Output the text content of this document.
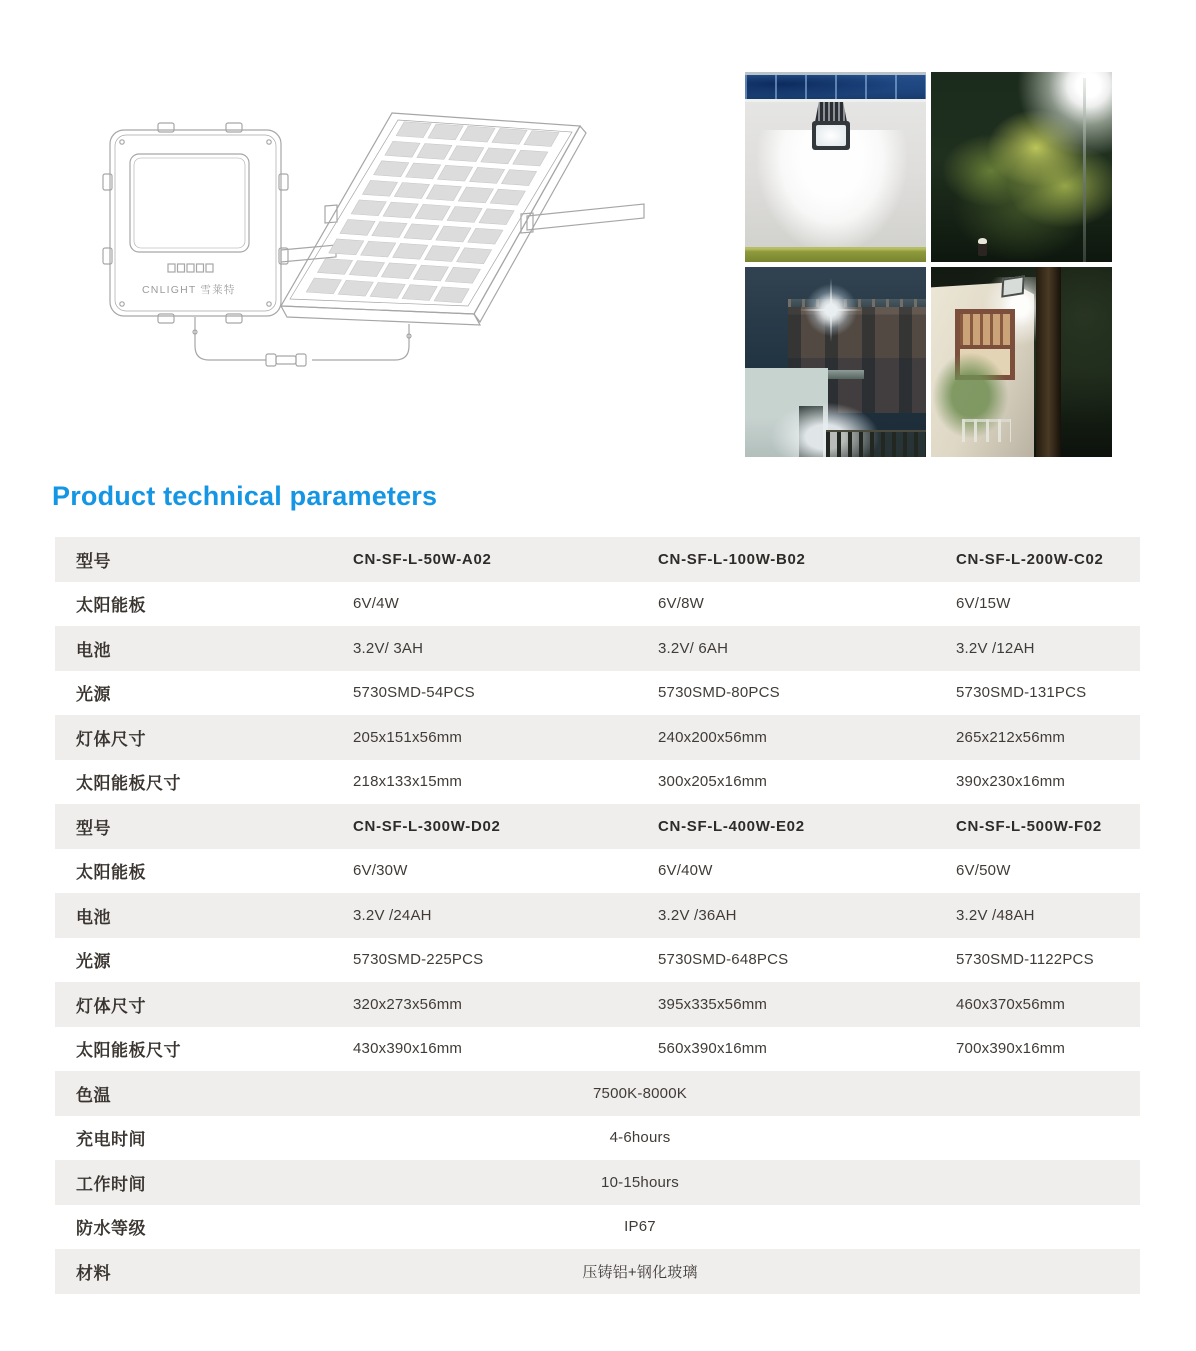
CNLIGHT 雪莱特
Product technical parameters
型号	CN-SF-L-50W-A02	CN-SF-L-100W-B02	CN-SF-L-200W-C02
太阳能板	6V/4W	6V/8W	6V/15W
电池	3.2V/ 3AH	3.2V/ 6AH	3.2V /12AH
光源	5730SMD-54PCS	5730SMD-80PCS	5730SMD-131PCS
灯体尺寸	205x151x56mm	240x200x56mm	265x212x56mm
太阳能板尺寸	218x133x15mm	300x205x16mm	390x230x16mm
型号	CN-SF-L-300W-D02	CN-SF-L-400W-E02	CN-SF-L-500W-F02
太阳能板	6V/30W	6V/40W	6V/50W
电池	3.2V /24AH	3.2V /36AH	3.2V /48AH
光源	5730SMD-225PCS	5730SMD-648PCS	5730SMD-1122PCS
灯体尺寸	320x273x56mm	395x335x56mm	460x370x56mm
太阳能板尺寸	430x390x16mm	560x390x16mm	700x390x16mm
色温	7500K-8000K
充电时间	4-6hours
工作时间	10-15hours
防水等级	IP67
材料	压铸铝+钢化玻璃
